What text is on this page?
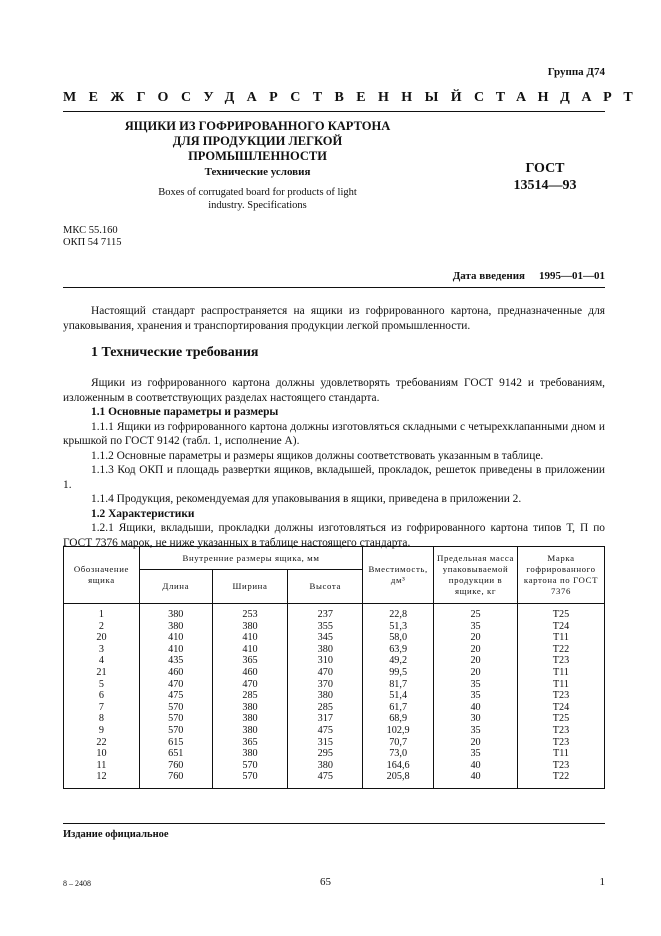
Группа Д74
МЕЖГОСУДАРСТВЕННЫЙ СТАНДАРТ
ЯЩИКИ ИЗ ГОФРИРОВАННОГО КАРТОНА
ДЛЯ ПРОДУКЦИИ ЛЕГКОЙ
ПРОМЫШЛЕННОСТИ
Технические условия
Boxes of corrugated board for products of light
industry. Specifications
ГОСТ
13514—93
МКС 55.160
ОКП 54 7115
Дата введения 1995—01—01
Настоящий стандарт распространяется на ящики из гофрированного картона, предназначенные для упаковывания, хранения и транспортирования продукции легкой промышленности.
1 Технические требования
Ящики из гофрированного картона должны удовлетворять требованиям ГОСТ 9142 и требованиям, изложенным в соответствующих разделах настоящего стандарта.
1.1 Основные параметры и размеры
1.1.1 Ящики из гофрированного картона должны изготовляться складными с четырехклапанными дном и крышкой по ГОСТ 9142 (табл. 1, исполнение А).
1.1.2 Основные параметры и размеры ящиков должны соответствовать указанным в таблице.
1.1.3 Код ОКП и площадь развертки ящиков, вкладышей, прокладок, решеток приведены в приложении 1.
1.1.4 Продукция, рекомендуемая для упаковывания в ящики, приведена в приложении 2.
1.2 Характеристики
1.2.1 Ящики, вкладыши, прокладки должны изготовляться из гофрированного картона типов Т, П по ГОСТ 7376 марок, не ниже указанных в таблице настоящего стандарта.
Обозначение ящика	Внутренние размеры ящика, мм			Вместимость,
дм³	Предельная масса упаковываемой продукции в ящике, кг	Марка гофрированного картона по ГОСТ 7376
	Длина	Ширина	Высота			
1	380	253	237	22,8	25	Т25
2	380	380	355	51,3	35	Т24
20	410	410	345	58,0	20	Т11
3	410	410	380	63,9	20	Т22
4	435	365	310	49,2	20	Т23
21	460	460	470	99,5	20	Т11
5	470	470	370	81,7	35	Т11
6	475	285	380	51,4	35	Т23
7	570	380	285	61,7	40	Т24
8	570	380	317	68,9	30	Т25
9	570	380	475	102,9	35	Т23
22	615	365	315	70,7	20	Т23
10	651	380	295	73,0	35	Т11
11	760	570	380	164,6	40	Т23
12	760	570	475	205,8	40	Т22
Издание официальное
8 – 2408	65	1
